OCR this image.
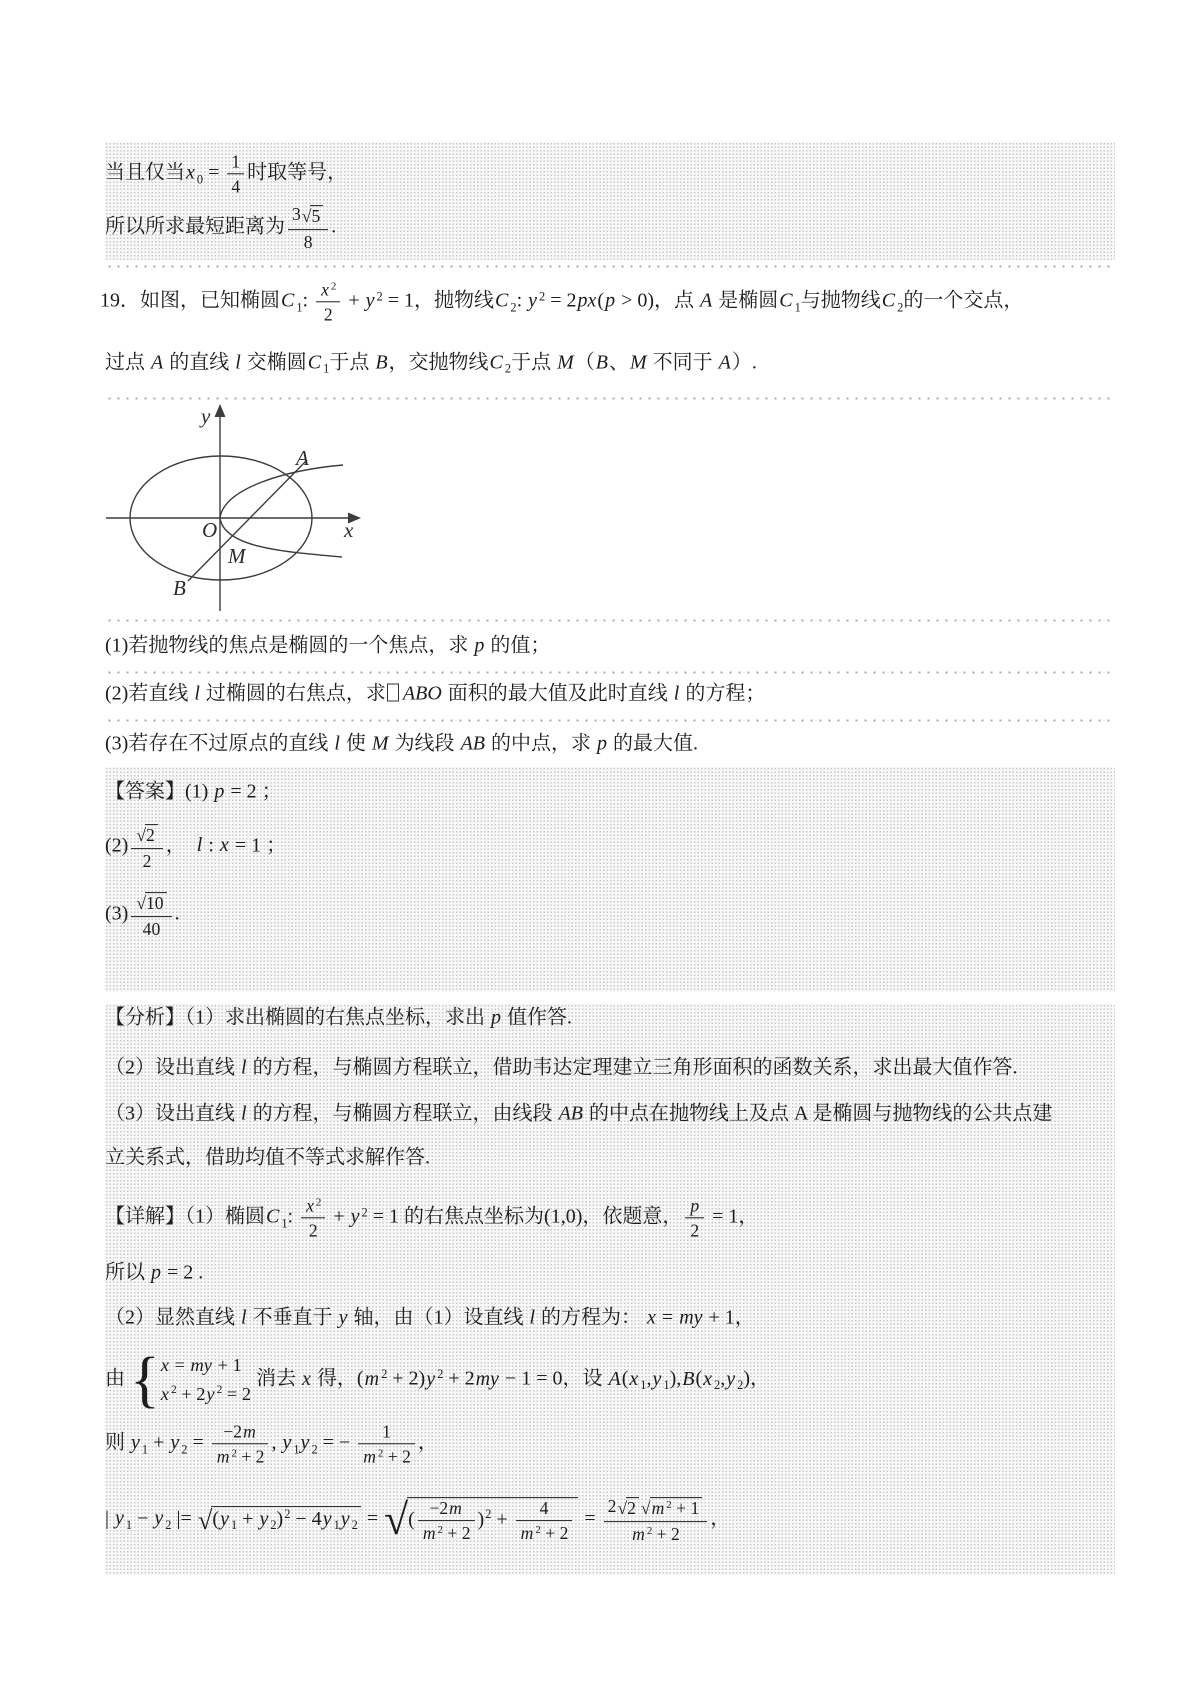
当且仅当x $_0 = \frac{1}{4}$ 时取等号，
所以所求最短距离为 $\frac{3 √ 5}{8}$ .
19．如图，已知椭圆C $_1$: $\frac{x ^2}{2} + y$ $^2$ = 1，抛物线C $_2$: y $^2$ = 2px(p > 0)，点 A 是椭圆C $_1$与抛物线C $_2$的一个交点，
过点 A 的直线 l 交椭圆C $_1$于点 B，交抛物线C $_2$于点 M（B、M 不同于 A）.
y
x
A
O
M
B
(1)若抛物线的焦点是椭圆的一个焦点，求 p 的值；
(2)若直线 l 过椭圆的右焦点，求 ABO 面积的最大值及此时直线 l 的方程；
(3)若存在不过原点的直线 l 使 M 为线段 AB 的中点，求 p 的最大值.
【答案】(1) p = 2 ；
$(2) \frac{√ 2}{2}$ ，  l : x = 1 ；
$(3) \frac{√ 10}{40}$ .
【分析】（1）求出椭圆的右焦点坐标，求出 p 值作答.
（2）设出直线 l 的方程，与椭圆方程联立，借助韦达定理建立三角形面积的函数关系，求出最大值作答.
（3）设出直线 l 的方程，与椭圆方程联立，由线段 AB 的中点在抛物线上及点 A 是椭圆与抛物线的公共点建
立关系式，借助均值不等式求解作答.
【详解】（1）椭圆C $_1$: $\frac{x ^2}{2} + y$ $^2$ = 1 的右焦点坐标为(1,0)，依题意， $\frac{p}{2} = 1$，
所以 p = 2 .
（2）显然直线 l 不垂直于 y 轴，由（1）设直线 l 的方程为： x = my + 1，
由 { x = my + 1
x $^2$ + 2y $^2$ = 2
消去 x 得，(m $^2$ + 2)y $^2$ + 2my − 1 = 0，设 A(x $_1$,y $_1$),B(x $_2$,y $_2$)，
则 y $_1$ + y $_2 = \frac{-2m}{m ^2 + 2}$ , y $_1$y $_2$ = − $\frac{1}{m ^2 + 2}$ ，
| y $_1$ − y $_2$ |= √ (y $_1$ + y $_2$)$^2$ − 4y $_1$y $_2$ = √ ( $\frac{-2m}{m ^2 + 2} )^2 + \frac{4}{m ^2 + 2} = \frac{2 √ 2 √ m ^2 + 1}{m ^2 + 2}$ ，
